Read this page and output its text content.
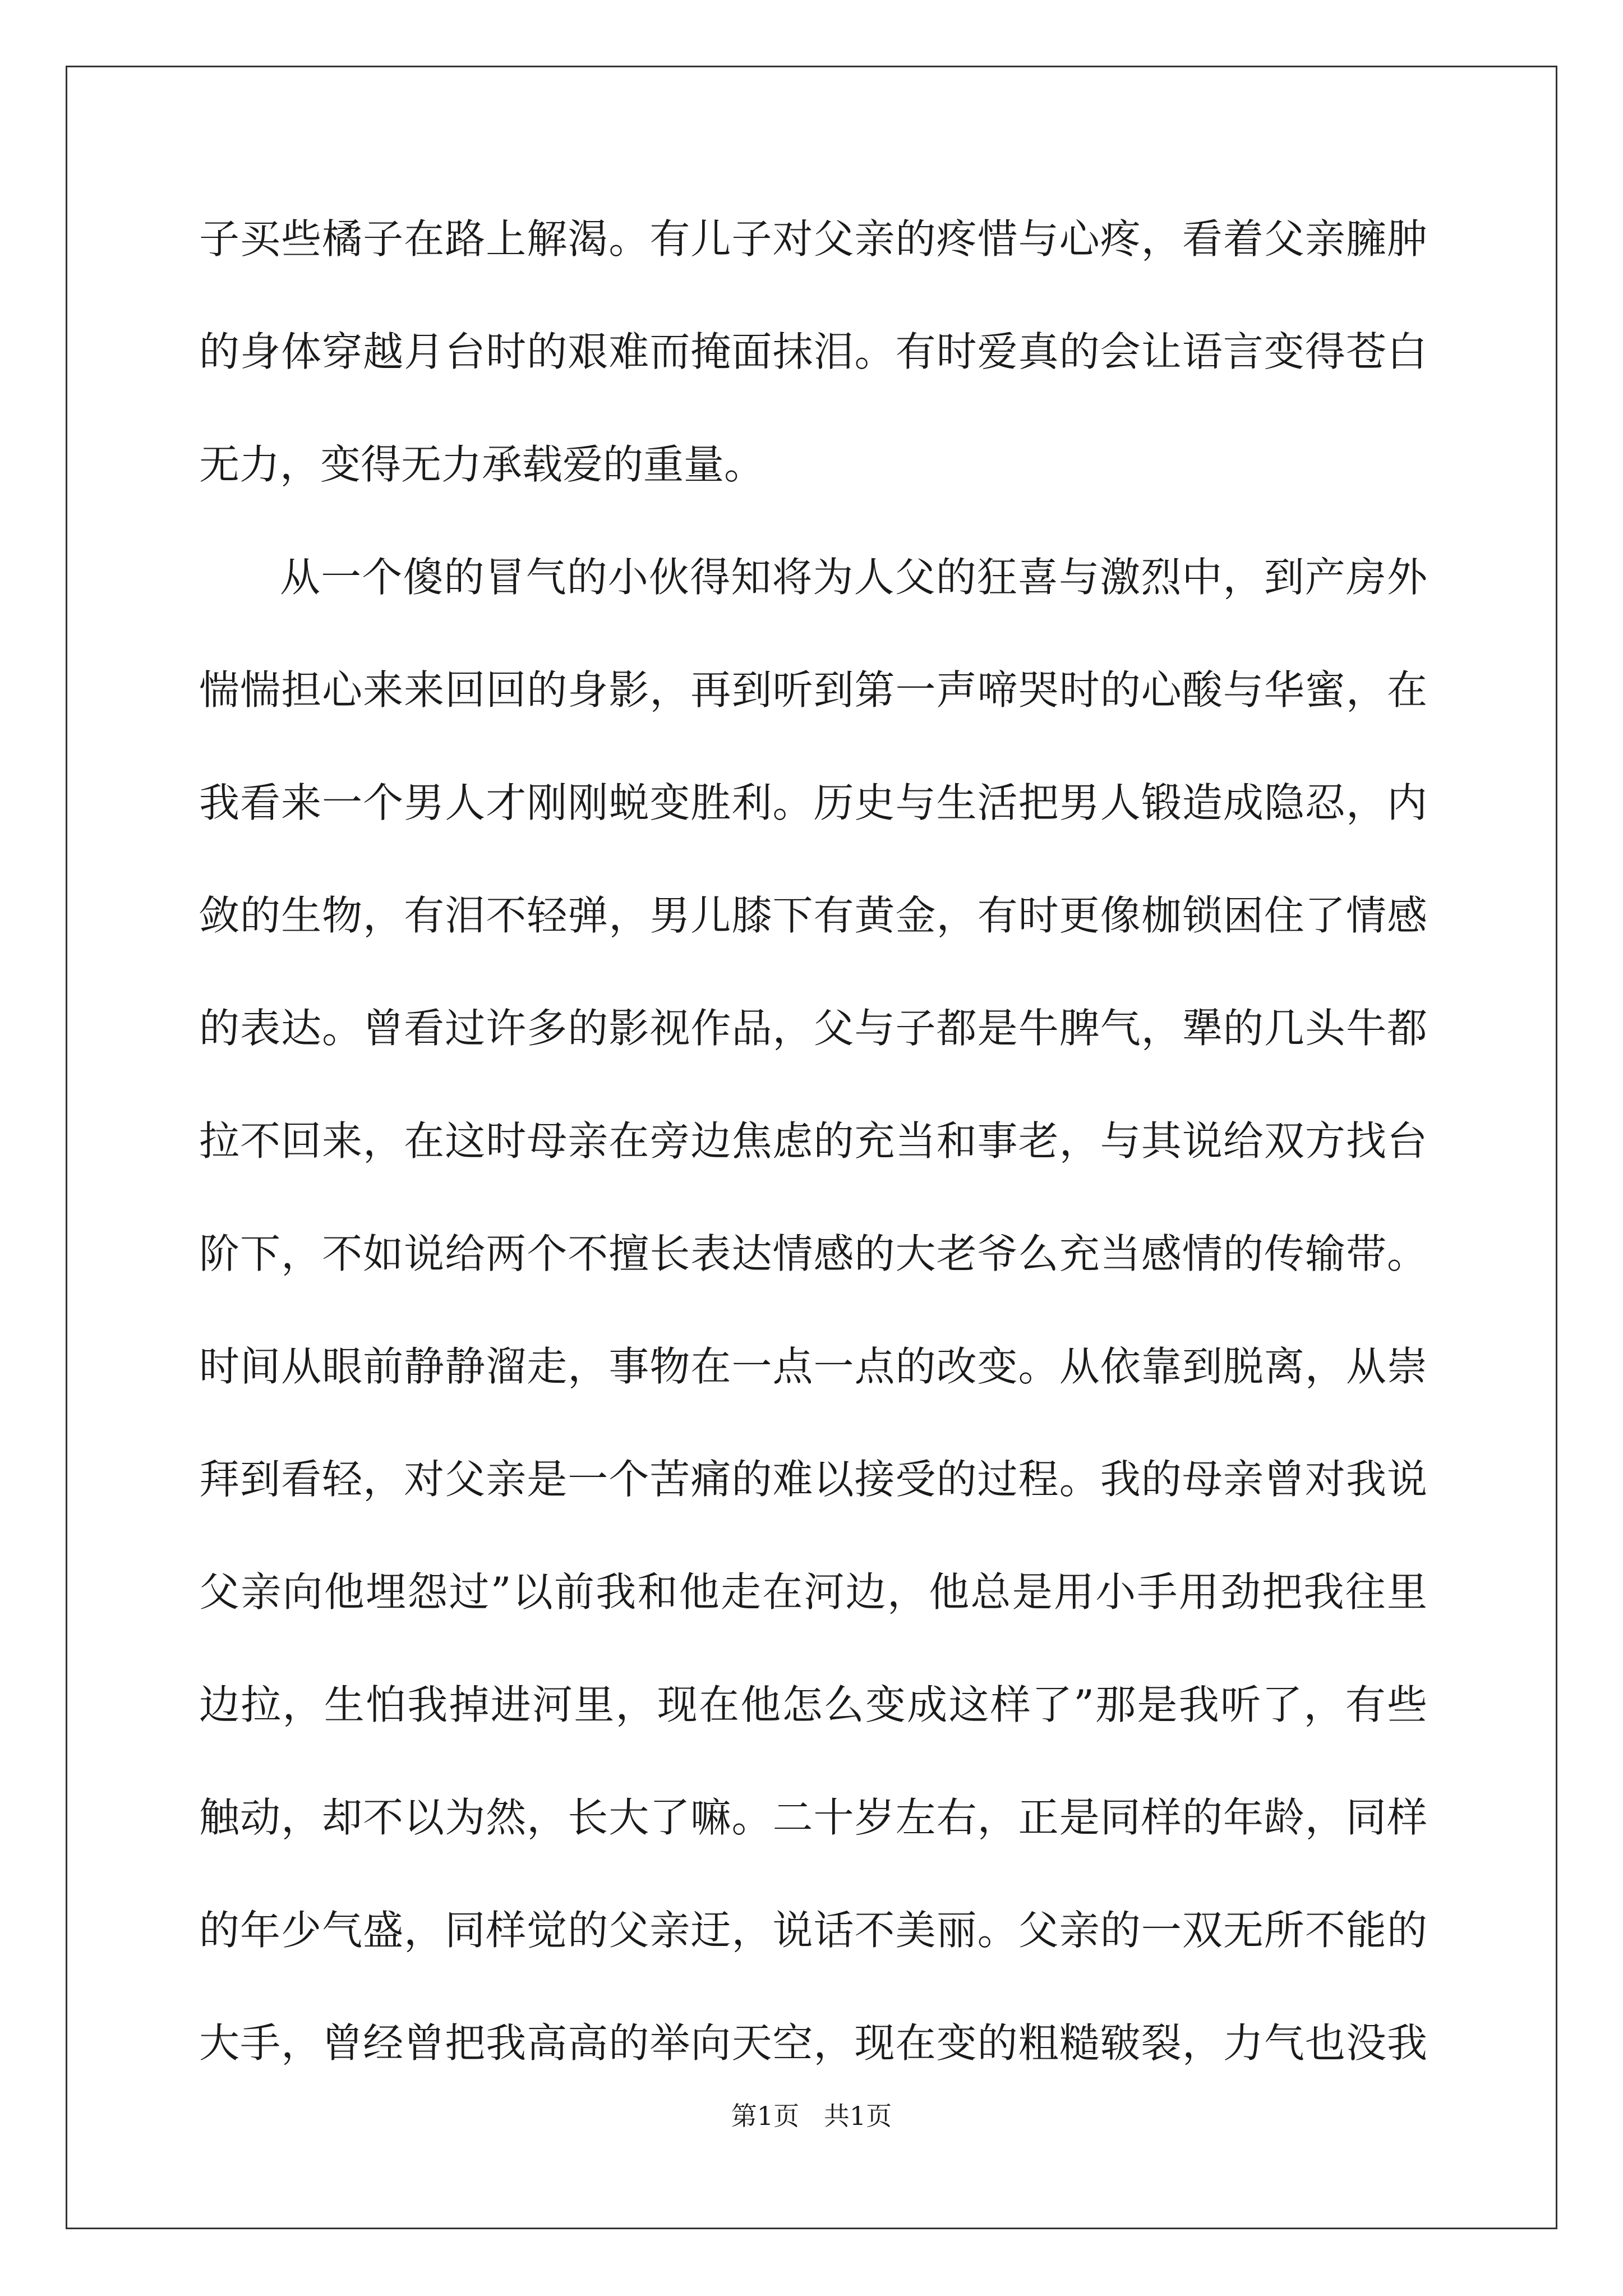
子买些橘子在路上解渴。有儿子对父亲的疼惜与心疼，看着父亲臃肿
的身体穿越月台时的艰难而掩面抹泪。有时爱真的会让语言变得苍白
无力，变得无力承载爱的重量。
从一个傻的冒气的小伙得知将为人父的狂喜与激烈中，到产房外
惴惴担心来来回回的身影，再到听到第一声啼哭时的心酸与华蜜，在
我看来一个男人才刚刚蜕变胜利。历史与生活把男人锻造成隐忍，内
敛的生物，有泪不轻弹，男儿膝下有黄金，有时更像枷锁困住了情感
的表达。曾看过许多的影视作品，父与子都是牛脾气，犟的几头牛都
拉不回来，在这时母亲在旁边焦虑的充当和事老，与其说给双方找台
阶下，不如说给两个不擅长表达情感的大老爷么充当感情的传输带。
时间从眼前静静溜走，事物在一点一点的改变。从依靠到脱离，从崇
拜到看轻，对父亲是一个苦痛的难以接受的过程。我的母亲曾对我说
父亲向他埋怨过”以前我和他走在河边，他总是用小手用劲把我往里
边拉，生怕我掉进河里，现在他怎么变成这样了”那是我听了，有些
触动，却不以为然，长大了嘛。二十岁左右，正是同样的年龄，同样
的年少气盛，同样觉的父亲迂，说话不美丽。父亲的一双无所不能的
大手，曾经曾把我高高的举向天空，现在变的粗糙皲裂，力气也没我
第1页   共1页
